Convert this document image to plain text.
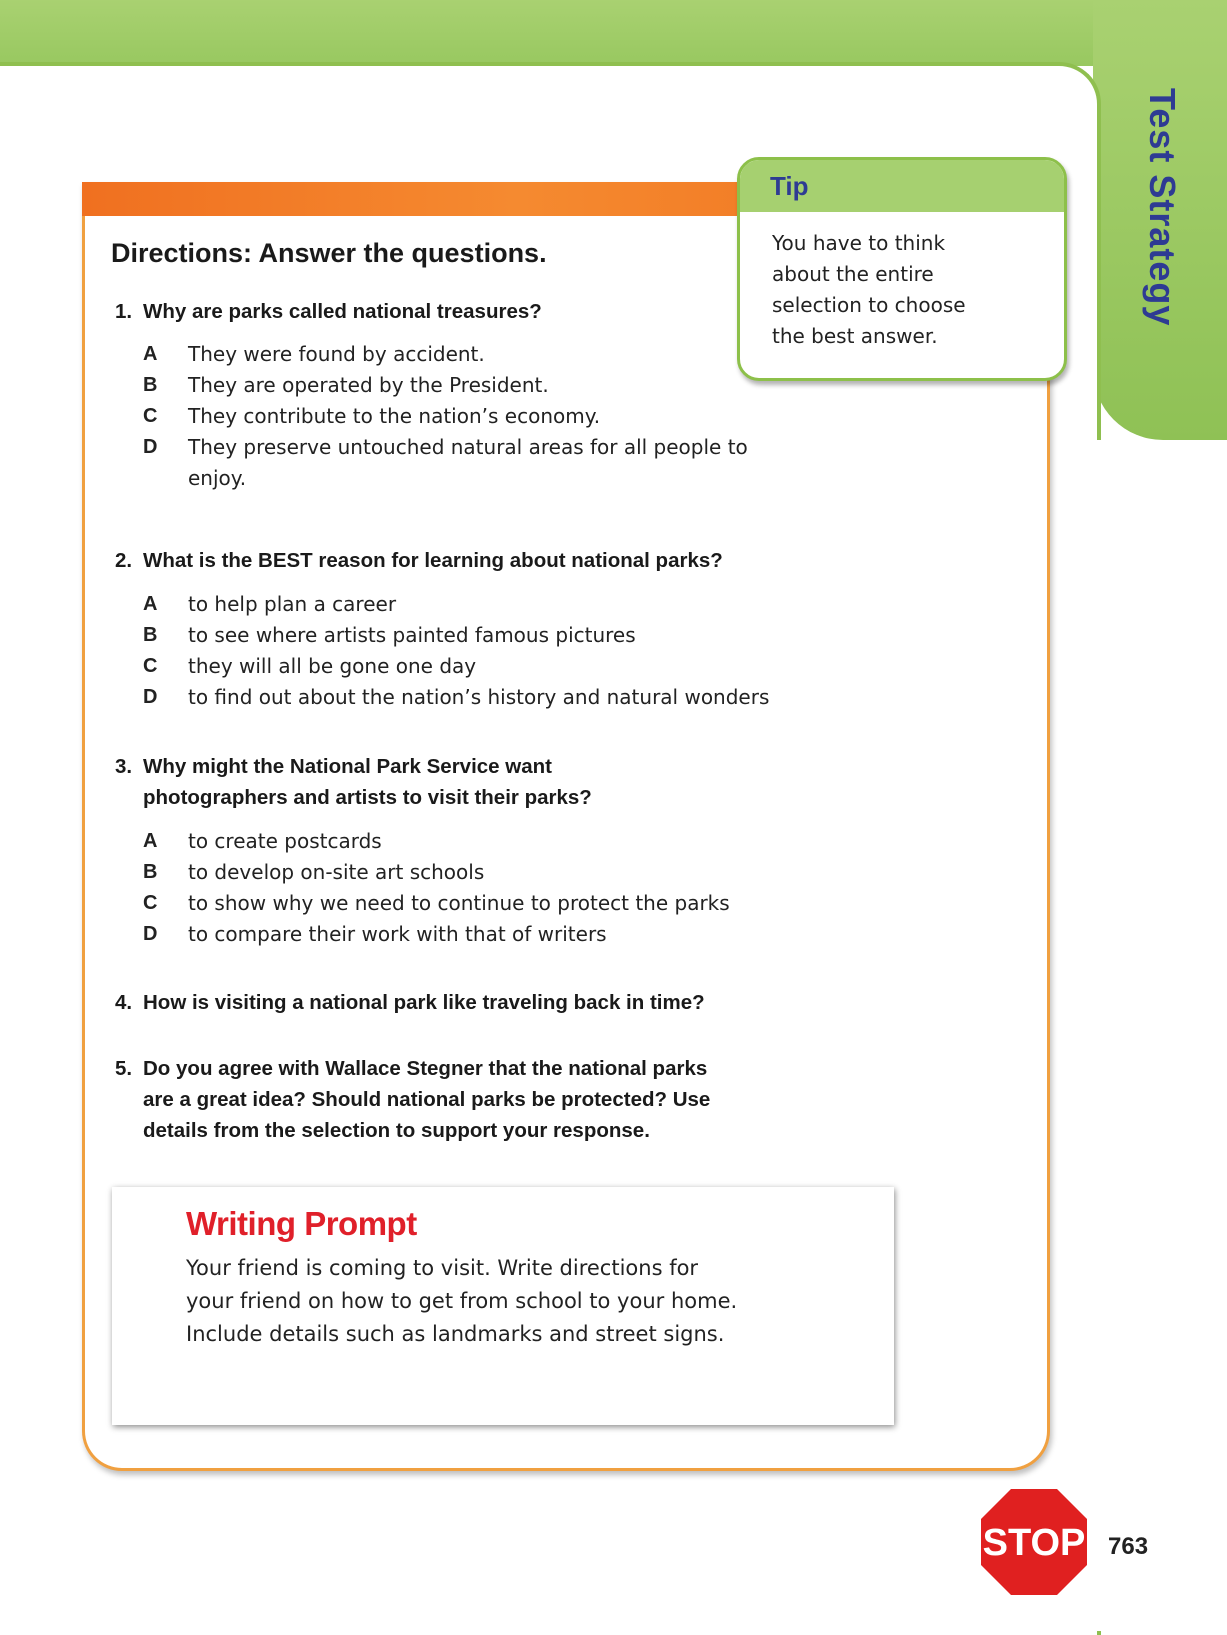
Test Strategy
Directions: Answer the questions.
Tip
You have to think
about the entire
selection to choose
the best answer.
1. Why are parks called national treasures?
A	They were found by accident.
B	They are operated by the President.
C	They contribute to the nation’s economy.
D	They preserve untouched natural areas for all people to enjoy.
2. What is the BEST reason for learning about national parks?
A	to help plan a career
B	to see where artists painted famous pictures
C	they will all be gone one day
D	to find out about the nation’s history and natural wonders
3. Why might the National Park Service want
photographers and artists to visit their parks?
A	to create postcards
B	to develop on-site art schools
C	to show why we need to continue to protect the parks
D	to compare their work with that of writers
4. How is visiting a national park like traveling back in time?
5. Do you agree with Wallace Stegner that the national parks
are a great idea? Should national parks be protected? Use
details from the selection to support your response.
Writing Prompt
Your friend is coming to visit. Write directions for
your friend on how to get from school to your home.
Include details such as landmarks and street signs.
STOP 763
